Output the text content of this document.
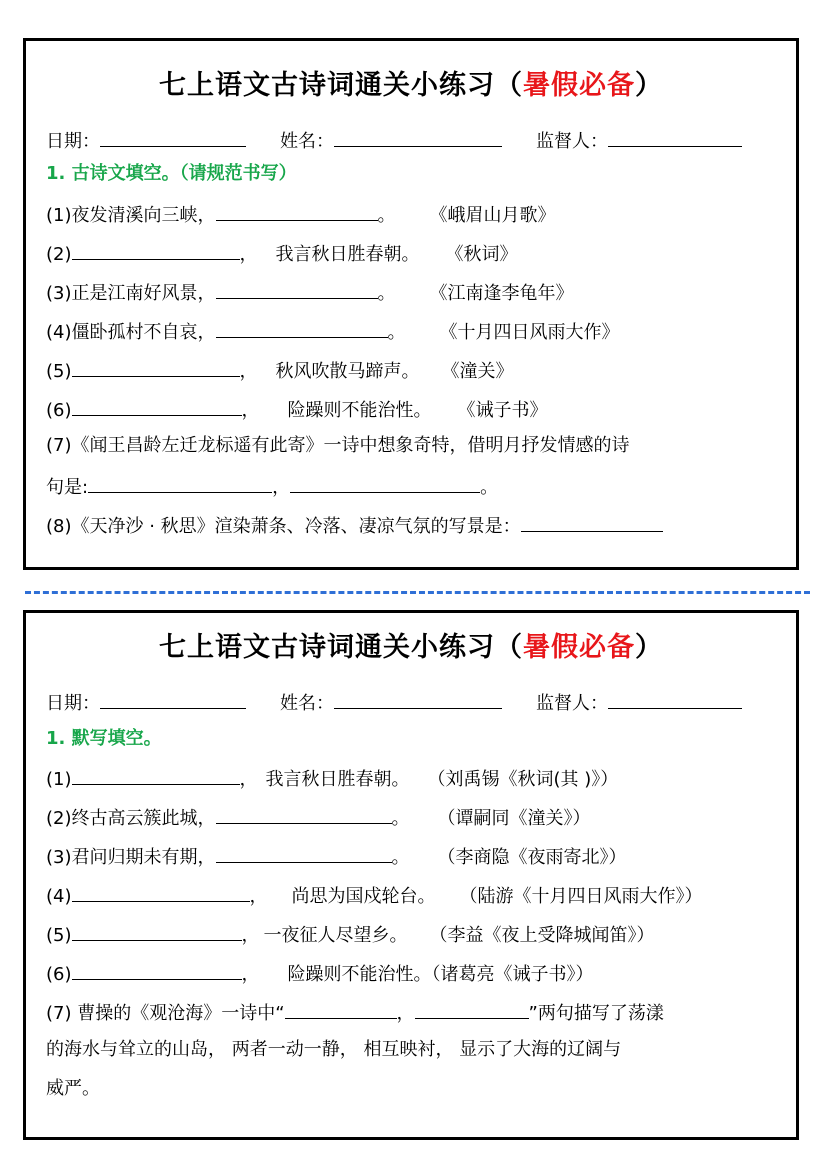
七上语文古诗词通关小练习（暑假必备）
日期：	姓名：	监督人：
1. 古诗文填空。（请规范书写）
(1)夜发清溪向三峡，	。 《峨眉山月歌》
(2)	， 我言秋日胜春朝。 《秋词》
(3)正是江南好风景，	。 《江南逢李龟年》
(4)僵卧孤村不自哀，	。 《十月四日风雨大作》
(5)	， 秋风吹散马蹄声。 《潼关》
(6)	， 险躁则不能治性。 《诫子书》
(7)《闻王昌龄左迁龙标遥有此寄》一诗中想象奇特，借明月抒发情感的诗
句是:	，	。
(8)《天净沙 · 秋思》渲染萧条、冷落、凄凉气氛的写景是：
七上语文古诗词通关小练习（暑假必备）
日期：	姓名：	监督人：
1. 默写填空。
(1)	， 我言秋日胜春朝。 （刘禹锡《秋词(其 )》）
(2)终古高云簇此城，	。 （谭嗣同《潼关》）
(3)君问归期未有期，	。 （李商隐《夜雨寄北》）
(4)	， 尚思为国戍轮台。 （陆游《十月四日风雨大作》）
(5)	， 一夜征人尽望乡。 （李益《夜上受降城闻笛》）
(6)	， 险躁则不能治性。（诸葛亮《诫子书》）
(7) 曹操的《观沧海》一诗中“	，	”两句描写了荡漾
的海水与耸立的山岛， 两者一动一静， 相互映衬， 显示了大海的辽阔与
威严。
